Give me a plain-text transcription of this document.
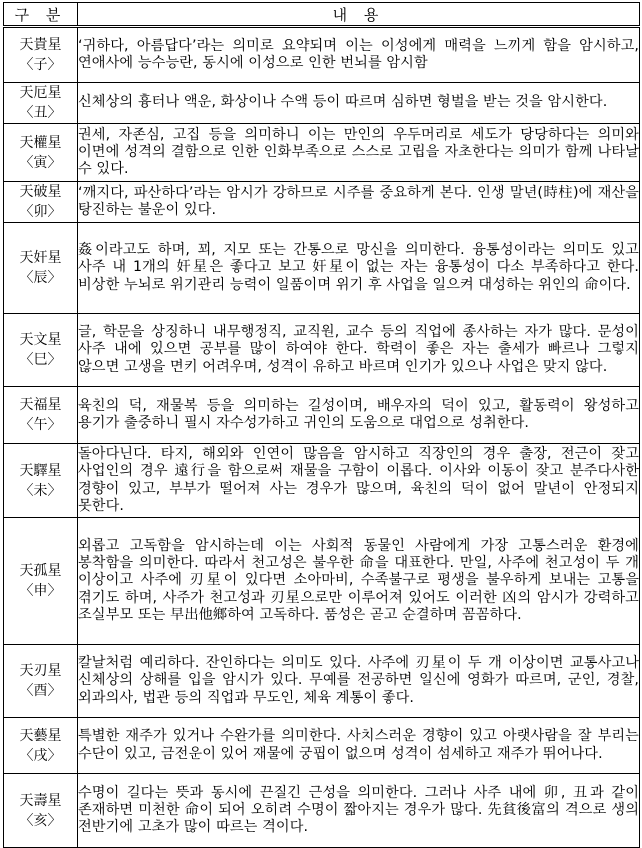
구 분	내 용
天貴星
〈子〉	‘귀하다, 아름답다’라는 의미로 요약되며 이는 이성에게 매력을 느끼게 함을 암시하고, 연애사에 능수능란, 동시에 이성으로 인한 번뇌를 암시함
天厄星
〈丑〉	신체상의 흉터나 액운, 화상이나 수액 등이 따르며 심하면 형벌을 받는 것을 암시한다.
天權星
〈寅〉	권세, 자존심, 고집 등을 의미하니 이는 만인의 우두머리로 세도가 당당하다는 의미와 이면에 성격의 결함으로 인한 인화부족으로 스스로 고립을 자초한다는 의미가 함께 나타날 수 있다.
天破星
〈卯〉	‘깨지다, 파산하다’라는 암시가 강하므로 시주를 중요하게 본다. 인생 말년(時柱)에 재산을 탕진하는 불운이 있다.
天奸星
〈辰〉	姦이라고도 하며, 꾀, 지모 또는 간통으로 망신을 의미한다. 융통성이라는 의미도 있고 사주 내 1개의 奸星은 좋다고 보고 奸星이 없는 자는 융통성이 다소 부족하다고 한다. 비상한 누뇌로 위기관리 능력이 일품이며 위기 후 사업을 일으켜 대성하는 위인의 命이다.
天文星
〈巳〉	글, 학문을 상징하니 내무행정직, 교직원, 교수 등의 직업에 종사하는 자가 많다. 문성이 사주 내에 있으면 공부를 많이 하여야 한다. 학력이 좋은 자는 출세가 빠르나 그렇지 않으면 고생을 면키 어려우며, 성격이 유하고 바르며 인기가 있으나 사업은 맞지 않다.
天福星
〈午〉	육친의 덕, 재물복 등을 의미하는 길성이며, 배우자의 덕이 있고, 활동력이 왕성하고 용기가 출중하니 필시 자수성가하고 귀인의 도움으로 대업으로 성취한다.
天驛星
〈未〉	돌아다닌다. 타지, 해외와 인연이 많음을 암시하고 직장인의 경우 출장, 전근이 잦고 사업인의 경우 遠行을 함으로써 재물을 구함이 이롭다. 이사와 이동이 잦고 분주다사한 경향이 있고, 부부가 떨어져 사는 경우가 많으며, 육친의 덕이 없어 말년이 안정되지 못한다.
天孤星
〈申〉	외롭고 고독함을 암시하는데 이는 사회적 동물인 사람에게 가장 고통스러운 환경에 봉착함을 의미한다. 따라서 천고성은 불우한 命을 대표한다. 만일, 사주에 천고성이 두 개 이상이고 사주에 刃星이 있다면 소아마비, 수족불구로 평생을 불우하게 보내는 고통을 겪기도 하며, 사주가 천고성과 刃星으로만 이루어져 있어도 이러한 凶의 암시가 강력하고 조실부모 또는 早出他鄉하여 고독하다. 품성은 곧고 순결하며 꼼꼼하다.
天刃星
〈酉〉	칼날처럼 예리하다. 잔인하다는 의미도 있다. 사주에 刃星이 두 개 이상이면 교통사고나 신체상의 상해를 입을 암시가 있다. 무예를 전공하면 일신에 영화가 따르며, 군인, 경찰, 외과의사, 법관 등의 직업과 무도인, 체육 계통이 좋다.
天藝星
〈戌〉	특별한 재주가 있거나 수완가를 의미한다. 사치스러운 경향이 있고 아랫사람을 잘 부리는 수단이 있고, 금전운이 있어 재물에 궁핍이 없으며 성격이 섬세하고 재주가 뛰어나다.
天壽星
〈亥〉	수명이 길다는 뜻과 동시에 끈질긴 근성을 의미한다. 그러나 사주 내에 卯, 丑과 같이 존재하면 미천한 命이 되어 오히려 수명이 짧아지는 경우가 많다. 先貧後富의 격으로 생의 전반기에 고초가 많이 따르는 격이다.
